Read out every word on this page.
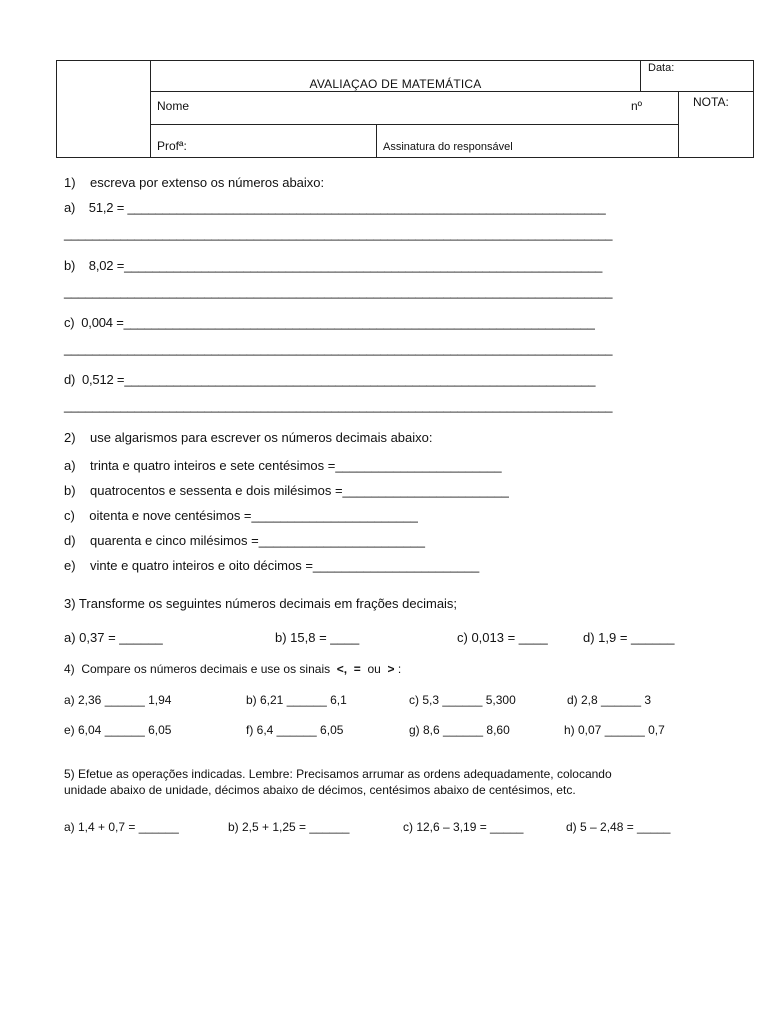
	AVALIAÇAO DE MATEMÁTICA		Data:	

	Nome nº			NOTA:

	Profª:	Assinatura do responsável		
1)    escreva por extenso os números abaixo:
a)    51,2 = ____________________________________________________________________
______________________________________________________________________________
b)    8,02 =____________________________________________________________________
______________________________________________________________________________
c)  0,004 =___________________________________________________________________
______________________________________________________________________________
d)  0,512 =___________________________________________________________________
______________________________________________________________________________
2)    use algarismos para escrever os números decimais abaixo:
a)    trinta e quatro inteiros e sete centésimos =_______________________
b)    quatrocentos e sessenta e dois milésimos =_______________________
c)    oitenta e nove centésimos =_______________________
d)    quarenta e cinco milésimos =_______________________
e)    vinte e quatro inteiros e oito décimos =_______________________
3) Transforme os seguintes números decimais em frações decimais;
a) 0,37 = ______	b) 15,8 = ____	c) 0,013 = ____	d) 1,9 = ______
4)  Compare os números decimais e use os sinais  <,  =  ou  > :
a) 2,36 ______ 1,94	b) 6,21 ______ 6,1	c) 5,3 ______ 5,300	d) 2,8 ______ 3
e) 6,04 ______ 6,05	f) 6,4 ______ 6,05	g) 8,6 ______ 8,60	h) 0,07 ______ 0,7
5) Efetue as operações indicadas. Lembre: Precisamos arrumar as ordens adequadamente, colocando
unidade abaixo de unidade, décimos abaixo de décimos, centésimos abaixo de centésimos, etc.
a) 1,4 + 0,7 = ______	b) 2,5 + 1,25 = ______	c) 12,6 – 3,19 = _____	d) 5 – 2,48 = _____
